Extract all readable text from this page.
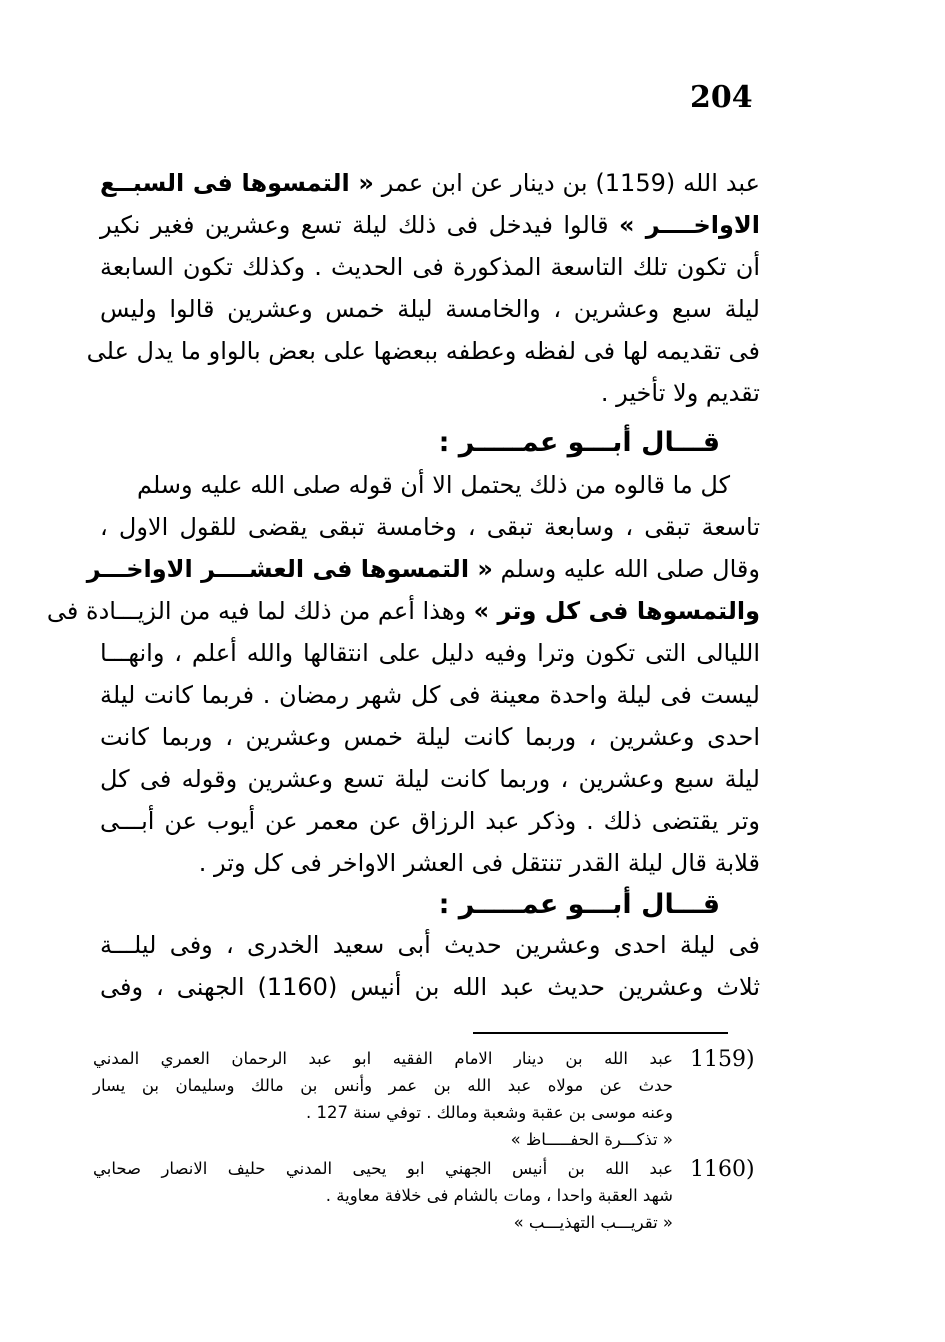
204
عبد الله (1159) بن دينار عن ابن عمر « التمسوها فى السبــع
الاواخــــر » قالوا فيدخل فى ذلك ليلة تسع وعشرين فغير نكير
أن تكون تلك التاسعة المذكورة فى الحديث . وكذلك تكون السابعة
ليلة سبع وعشرين ، والخامسة ليلة خمس وعشرين قالوا وليس
فى تقديمه لها فى لفظه وعطفه ببعضها على بعض بالواو ما يدل على
تقديم ولا تأخير .
قـــال أبـــو عمـــــر :
كل ما قالوه من ذلك يحتمل الا أن قوله صلى الله عليه وسلم
تاسعة تبقى ، وسابعة تبقى ، وخامسة تبقى يقضى للقول الاول ،
وقال صلى الله عليه وسلم « التمسوها فى العشــــر الاواخـــر
والتمسوها فى كل وتر » وهذا أعم من ذلك لما فيه من الزيـــادة فى
الليالى التى تكون وترا وفيه دليل على انتقالها والله أعلم ، وانهـــا
ليست فى ليلة واحدة معينة فى كل شهر رمضان . فربما كانت ليلة
احدى وعشرين ، وربما كانت ليلة خمس وعشرين ، وربما كانت
ليلة سبع وعشرين ، وربما كانت ليلة تسع وعشرين وقوله فى كل
وتر يقتضى ذلك . وذكر عبد الرزاق عن معمر عن أيوب عن أبـــى
قلابة قال ليلة القدر تنتقل فى العشر الاواخر فى كل وتر .
قـــال أبـــو عمـــــر :
فى ليلة احدى وعشرين حديث أبى سعيد الخدرى ، وفى ليلـــة
ثلاث وعشرين حديث عبد الله بن أنيس (1160) الجهنى ، وفى
1159)
عبد الله بن دينار الامام الفقيه ابو عبد الرحمان العمري المدني
حدث عن مولاه عبد الله بن عمر وأنس بن مالك وسليمان بن يسار
وعنه موسى بن عقبة وشعبة ومالك . توفي سنة 127 .
« تذكـــرة الحفـــــاظ »
1160)
عبد الله بن أنيس الجهني ابو يحيى المدني حليف الانصار صحابي
شهد العقبة واحدا ، ومات بالشام فى خلافة معاوية .
« تقريـــب التهذيـــب »
